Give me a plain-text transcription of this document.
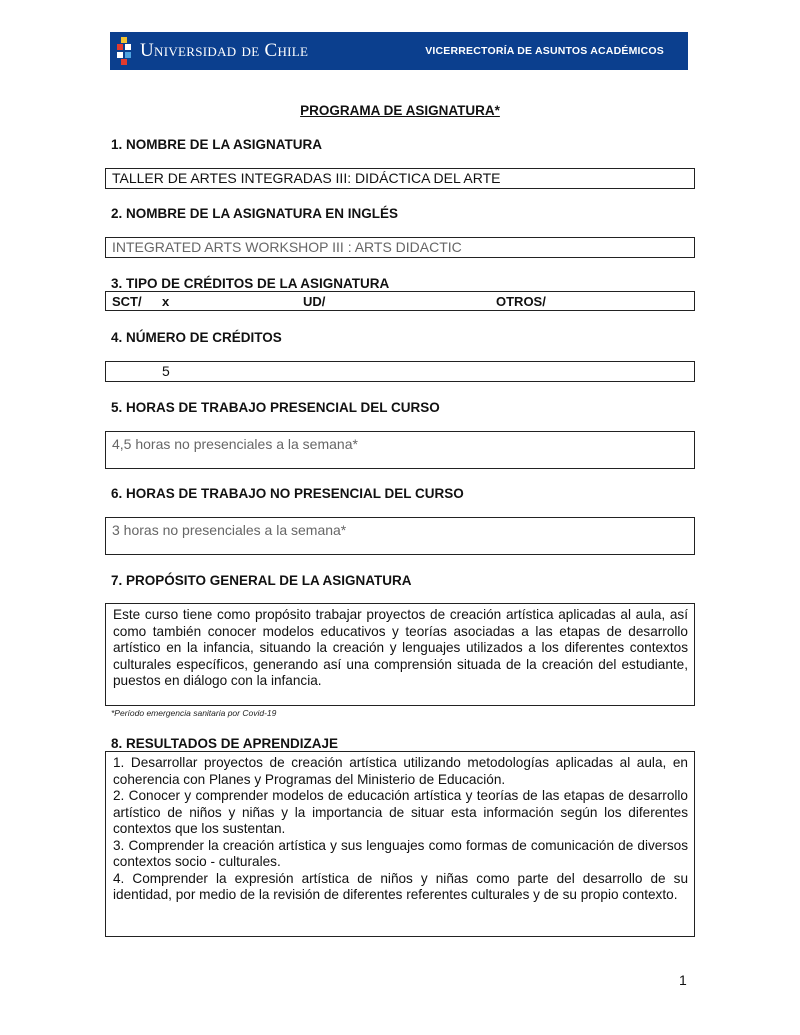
Universidad de Chile	VICERRECTORÍA DE ASUNTOS ACADÉMICOS
PROGRAMA DE ASIGNATURA*
1. NOMBRE DE LA ASIGNATURA
TALLER DE ARTES INTEGRADAS III: DIDÁCTICA DEL ARTE
2. NOMBRE DE LA ASIGNATURA EN INGLÉS
INTEGRATED ARTS WORKSHOP III : ARTS DIDACTIC
3. TIPO DE CRÉDITOS DE LA ASIGNATURA
SCT/ x	UD/	OTROS/
4. NÚMERO DE CRÉDITOS
5
5. HORAS DE TRABAJO PRESENCIAL DEL CURSO
4,5 horas no presenciales a la semana*
6. HORAS DE TRABAJO NO PRESENCIAL DEL CURSO
3 horas no presenciales a la semana*
7. PROPÓSITO GENERAL DE LA ASIGNATURA

Este curso tiene como propósito trabajar proyectos de creación artística aplicadas al aula, así como también conocer modelos educativos y teorías asociadas a las etapas de desarrollo artístico en la infancia, situando la creación y lenguajes utilizados a los diferentes contextos culturales específicos, generando así una comprensión situada de la creación del estudiante, puestos en diálogo con la infancia.

*Período emergencia sanitaria por Covid-19
8. RESULTADOS DE APRENDIZAJE

1. Desarrollar proyectos de creación artística utilizando metodologías aplicadas al aula, en coherencia con Planes y Programas del Ministerio de Educación.

2. Conocer y comprender modelos de educación artística y teorías de las etapas de desarrollo artístico de niños y niñas y la importancia de situar esta información según los diferentes contextos que los sustentan.

3. Comprender la creación artística y sus lenguajes como formas de comunicación de diversos contextos socio - culturales.

4. Comprender la expresión artística de niños y niñas como parte del desarrollo de su identidad, por medio de la revisión de diferentes referentes culturales y de su propio contexto.

1
